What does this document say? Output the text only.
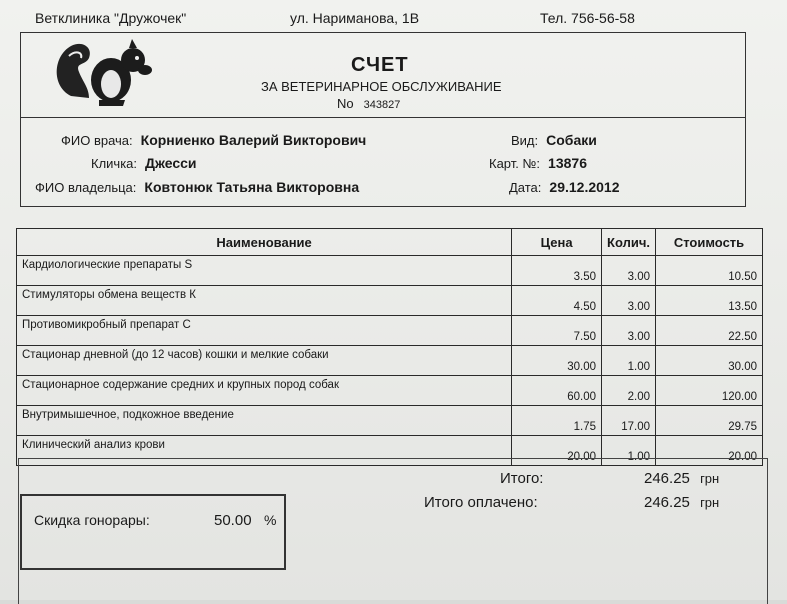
Ветклиника "Дружочек"	ул. Нариманова, 1В	Тел. 756-56-58
СЧЕТ
ЗА ВЕТЕРИНАРНОЕ ОБСЛУЖИВАНИЕ
No 343827
ФИО врача: Корниенко Валерий Викторович
Кличка: Джесси
ФИО владельца: Ковтонюк Татьяна Викторовна
Вид: Собаки
Карт. №: 13876
Дата: 29.12.2012
Наименование	Цена	Колич.	Стоимость
Кардиологические препараты S	3.50	3.00	10.50
Стимуляторы обмена веществ К	4.50	3.00	13.50
Противомикробный препарат С	7.50	3.00	22.50
Стационар дневной (до 12 часов) кошки и мелкие собаки	30.00	1.00	30.00
Стационарное содержание средних и крупных пород собак	60.00	2.00	120.00
Внутримышечное, подкожное введение	1.75	17.00	29.75
Клинический анализ крови	20.00	1.00	20.00
Итого:	246.25 грн
Итого оплачено:	246.25 грн
Скидка гонорары:	50.00 %
